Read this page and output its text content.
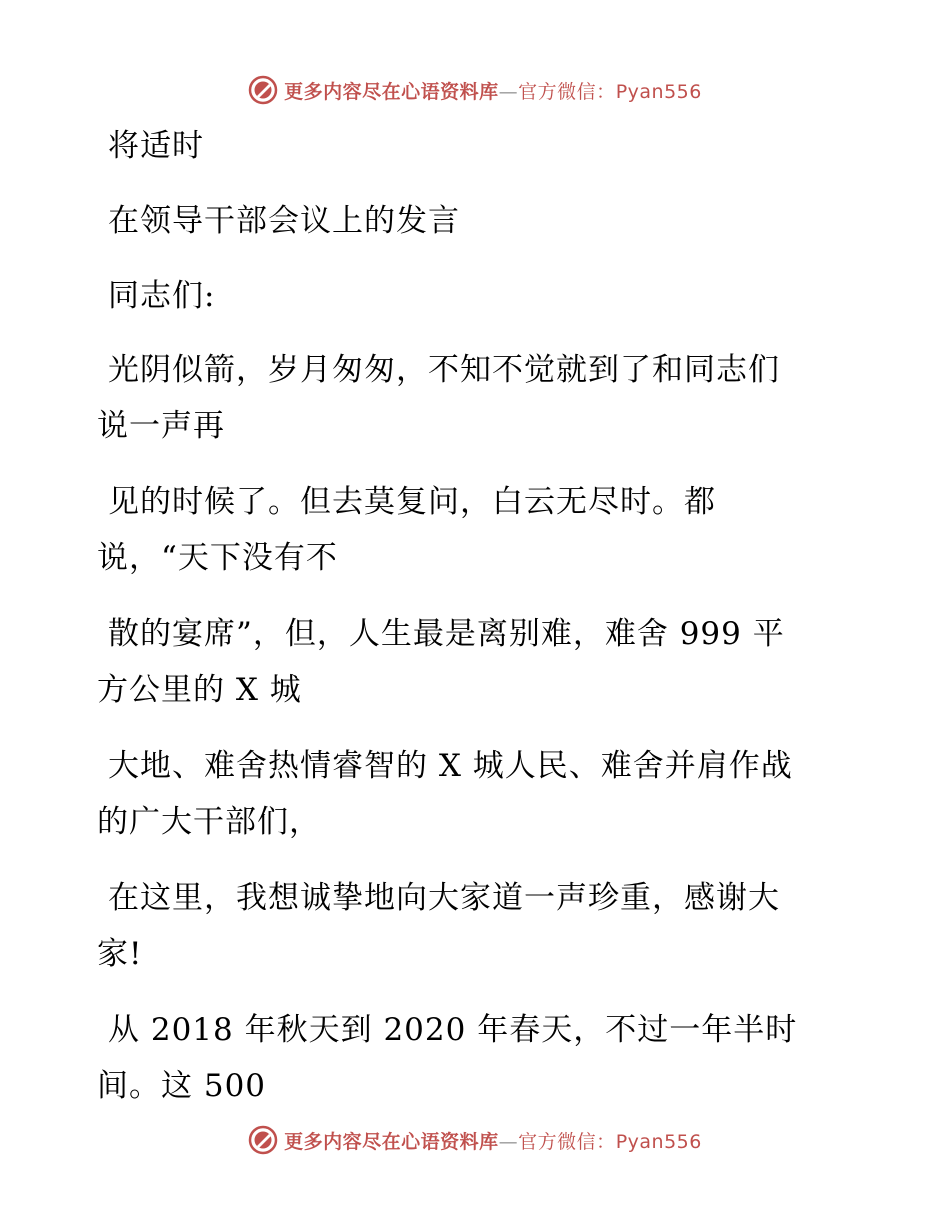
更多内容尽在心语资料库—官方微信：Pyan556
将适时
在领导干部会议上的发言
同志们:
光阴似箭，岁月匆匆，不知不觉就到了和同志们
说一声再
见的时候了。但去莫复问，白云无尽时。都
说，“天下没有不
散的宴席”，但，人生最是离别难，难舍 999 平
方公里的 X 城
大地、难舍热情睿智的 X 城人民、难舍并肩作战
的广大干部们，
在这里，我想诚挚地向大家道一声珍重，感谢大
家!
从 2018 年秋天到 2020 年春天，不过一年半时
间。这 500
更多内容尽在心语资料库—官方微信：Pyan556
